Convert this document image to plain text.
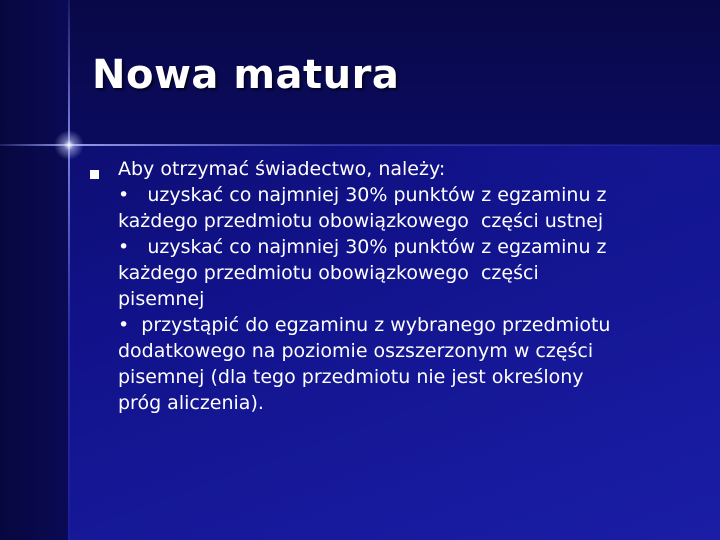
Nowa matura
Aby otrzymać świadectwo, należy:
•   uzyskać co najmniej 30% punktów z egzaminu z
każdego przedmiotu obowiązkowego  części ustnej
•   uzyskać co najmniej 30% punktów z egzaminu z
każdego przedmiotu obowiązkowego  części
pisemnej
•  przystąpić do egzaminu z wybranego przedmiotu
dodatkowego na poziomie oszszerzonym w części
pisemnej (dla tego przedmiotu nie jest określony
próg aliczenia).
